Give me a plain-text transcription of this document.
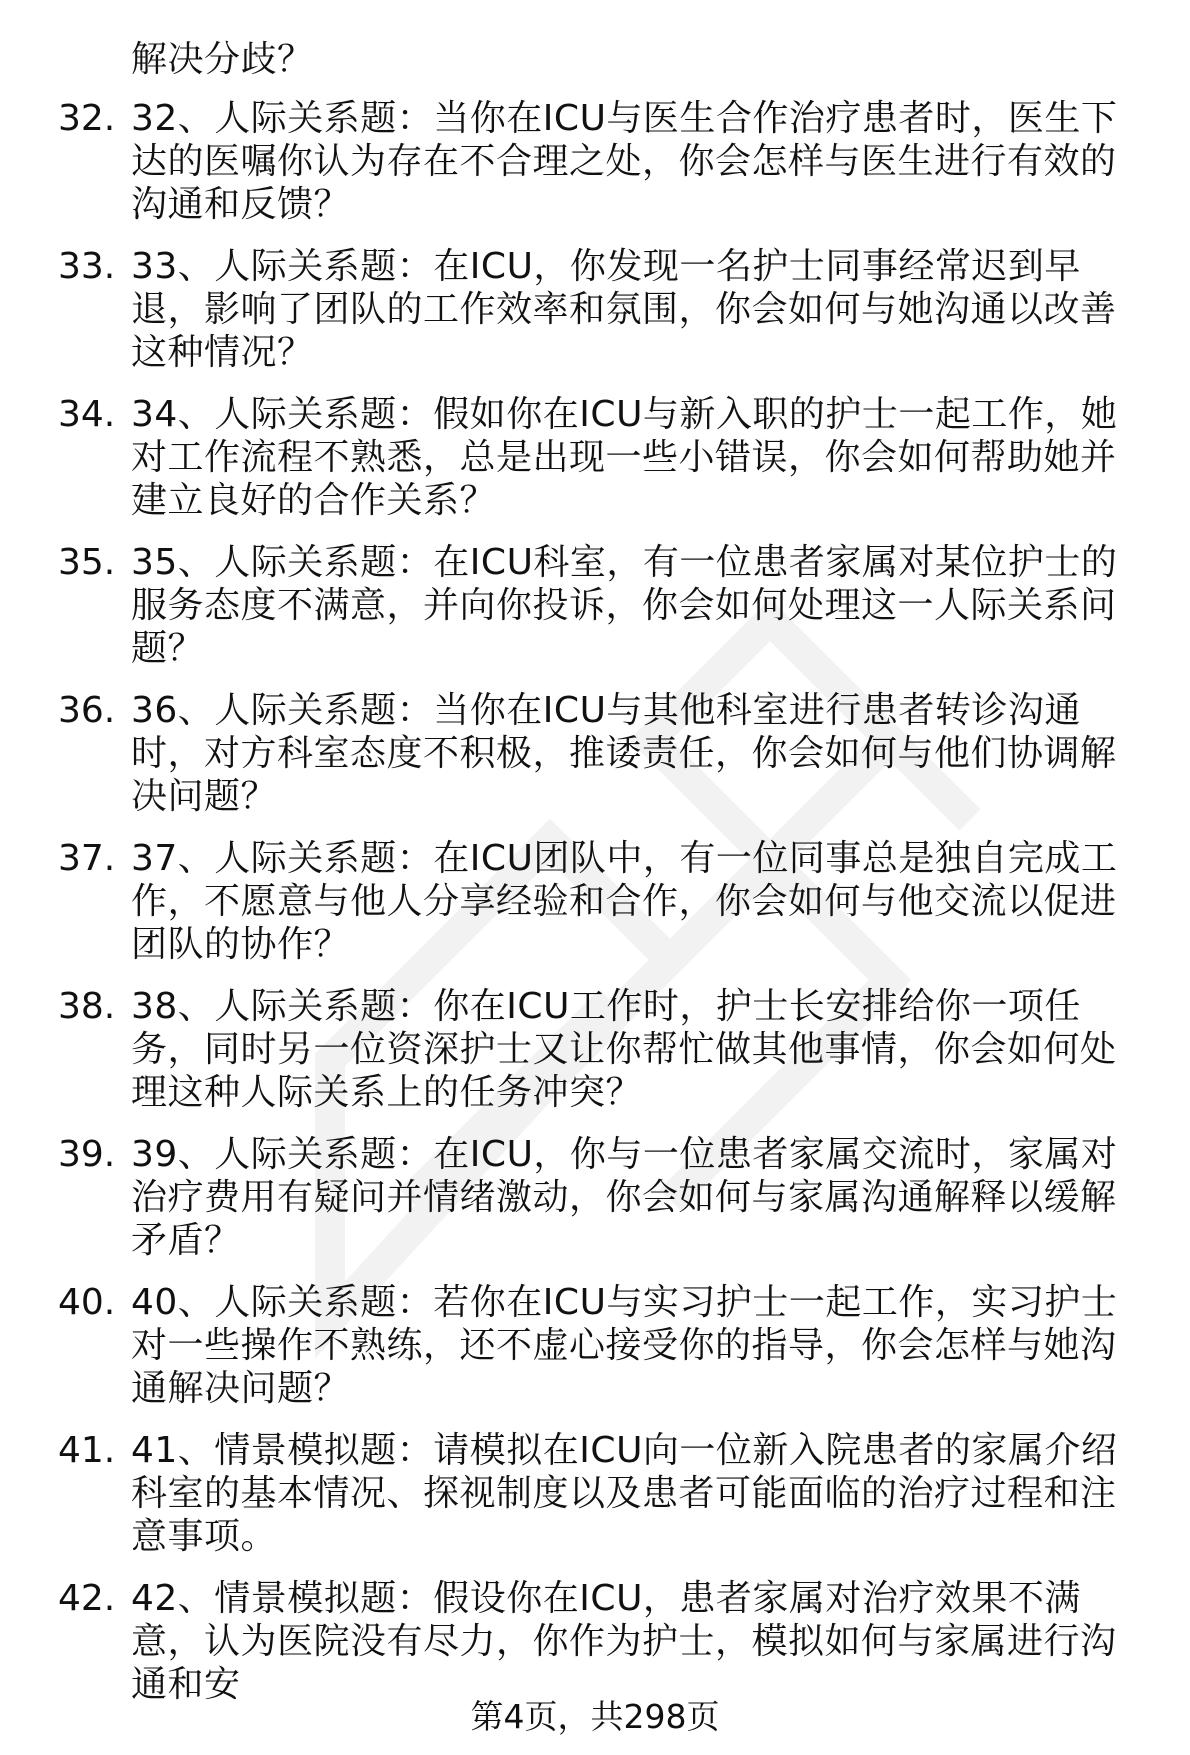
解决分歧？
32. 32、人际关系题：当你在ICU与医生合作治疗患者时，医生下达的医嘱你认为存在不合理之处，你会怎样与医生进行有效的沟通和反馈？
33. 33、人际关系题：在ICU，你发现一名护士同事经常迟到早退，影响了团队的工作效率和氛围，你会如何与她沟通以改善这种情况？
34. 34、人际关系题：假如你在ICU与新入职的护士一起工作，她对工作流程不熟悉，总是出现一些小错误，你会如何帮助她并建立良好的合作关系？
35. 35、人际关系题：在ICU科室，有一位患者家属对某位护士的服务态度不满意，并向你投诉，你会如何处理这一人际关系问题？
36. 36、人际关系题：当你在ICU与其他科室进行患者转诊沟通时，对方科室态度不积极，推诿责任，你会如何与他们协调解决问题？
37. 37、人际关系题：在ICU团队中，有一位同事总是独自完成工作，不愿意与他人分享经验和合作，你会如何与他交流以促进团队的协作？
38. 38、人际关系题：你在ICU工作时，护士长安排给你一项任务，同时另一位资深护士又让你帮忙做其他事情，你会如何处理这种人际关系上的任务冲突？
39. 39、人际关系题：在ICU，你与一位患者家属交流时，家属对治疗费用有疑问并情绪激动，你会如何与家属沟通解释以缓解矛盾？
40. 40、人际关系题：若你在ICU与实习护士一起工作，实习护士对一些操作不熟练，还不虚心接受你的指导，你会怎样与她沟通解决问题？
41. 41、情景模拟题：请模拟在ICU向一位新入院患者的家属介绍科室的基本情况、探视制度以及患者可能面临的治疗过程和注意事项。
42. 42、情景模拟题：假设你在ICU，患者家属对治疗效果不满意，认为医院没有尽力，你作为护士，模拟如何与家属进行沟通和安
第4页，共298页
